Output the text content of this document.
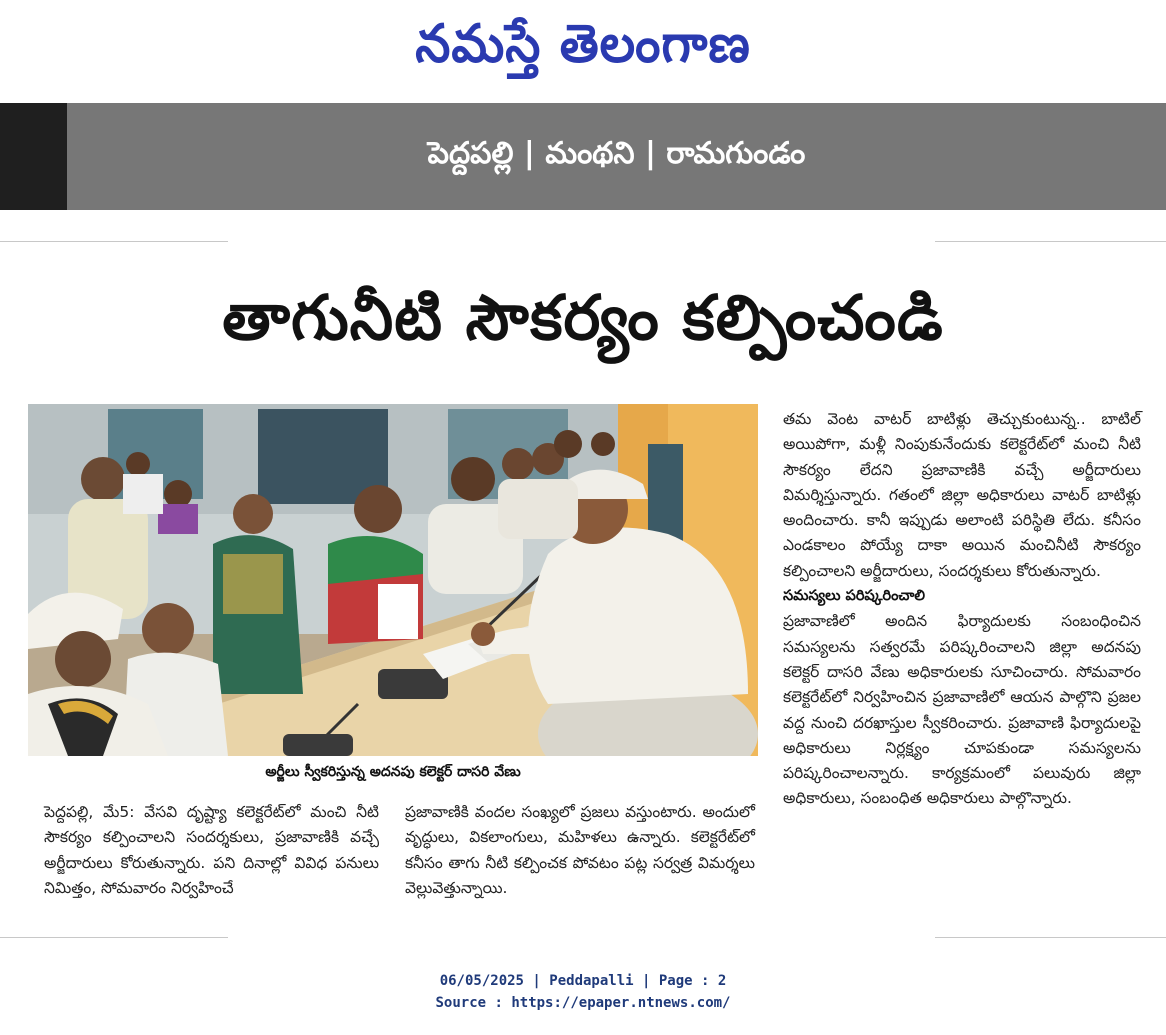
నమస్తే తెలంగాణ
పెద్దపల్లి | మంథని | రామగుండం
తాగునీటి సౌకర్యం కల్పించండి
అర్జీలు స్వీకరిస్తున్న అదనపు కలెక్టర్ దాసరి వేణు

పెద్దపల్లి, మే5: వేసవి దృష్ట్యా కలెక్టరేట్‌లో మంచి నీటి సౌకర్యం కల్పించాలని సందర్శకులు, ప్రజావాణికి వచ్చే అర్జీదారులు కోరుతున్నారు. పని దినాల్లో వివిధ పనులు నిమిత్తం, సోమవారం నిర్వహించే

ప్రజావాణికి వందల సంఖ్యలో ప్రజలు వస్తుంటారు. అందులో వృద్ధులు, వికలాంగులు, మహిళలు ఉన్నారు. కలెక్టరేట్‌లో కనీసం తాగు నీటి కల్పించక పోవటం పట్ల సర్వత్ర విమర్శలు వెల్లువెత్తున్నాయి.

తమ వెంట వాటర్ బాటిళ్లు తెచ్చుకుంటున్న.. బాటిల్ అయిపోగా, మళ్లీ నింపుకునేందుకు కలెక్టరేట్‌లో మంచి నీటి సౌకర్యం లేదని ప్రజావాణికి వచ్చే అర్జీదారులు విమర్శిస్తున్నారు. గతంలో జిల్లా అధికారులు వాటర్ బాటిళ్లు అందించారు. కానీ ఇప్పుడు అలాంటి పరిస్థితి లేదు. కనీసం ఎండకాలం పోయ్యే దాకా అయిన మంచినీటి సౌకర్యం కల్పించాలని అర్జీదారులు, సందర్శకులు కోరుతున్నారు.

సమస్యలు పరిష్కరించాలి

ప్రజావాణిలో అందిన ఫిర్యాదులకు సంబంధించిన సమస్యలను సత్వరమే పరిష్కరించాలని జిల్లా అదనపు కలెక్టర్ దాసరి వేణు అధికారులకు సూచించారు. సోమవారం కలెక్టరేట్‌లో నిర్వహించిన ప్రజావాణిలో ఆయన పాల్గొని ప్రజల వద్ద నుంచి దరఖాస్తుల స్వీకరించారు. ప్రజావాణి ఫిర్యాదులపై అధికారులు నిర్లక్ష్యం చూపకుండా సమస్యలను పరిష్కరించాలన్నారు. కార్యక్రమంలో పలువురు జిల్లా అధికారులు, సంబంధిత అధికారులు పాల్గొన్నారు.

06/05/2025 | Peddapalli | Page : 2
Source : https://epaper.ntnews.com/
